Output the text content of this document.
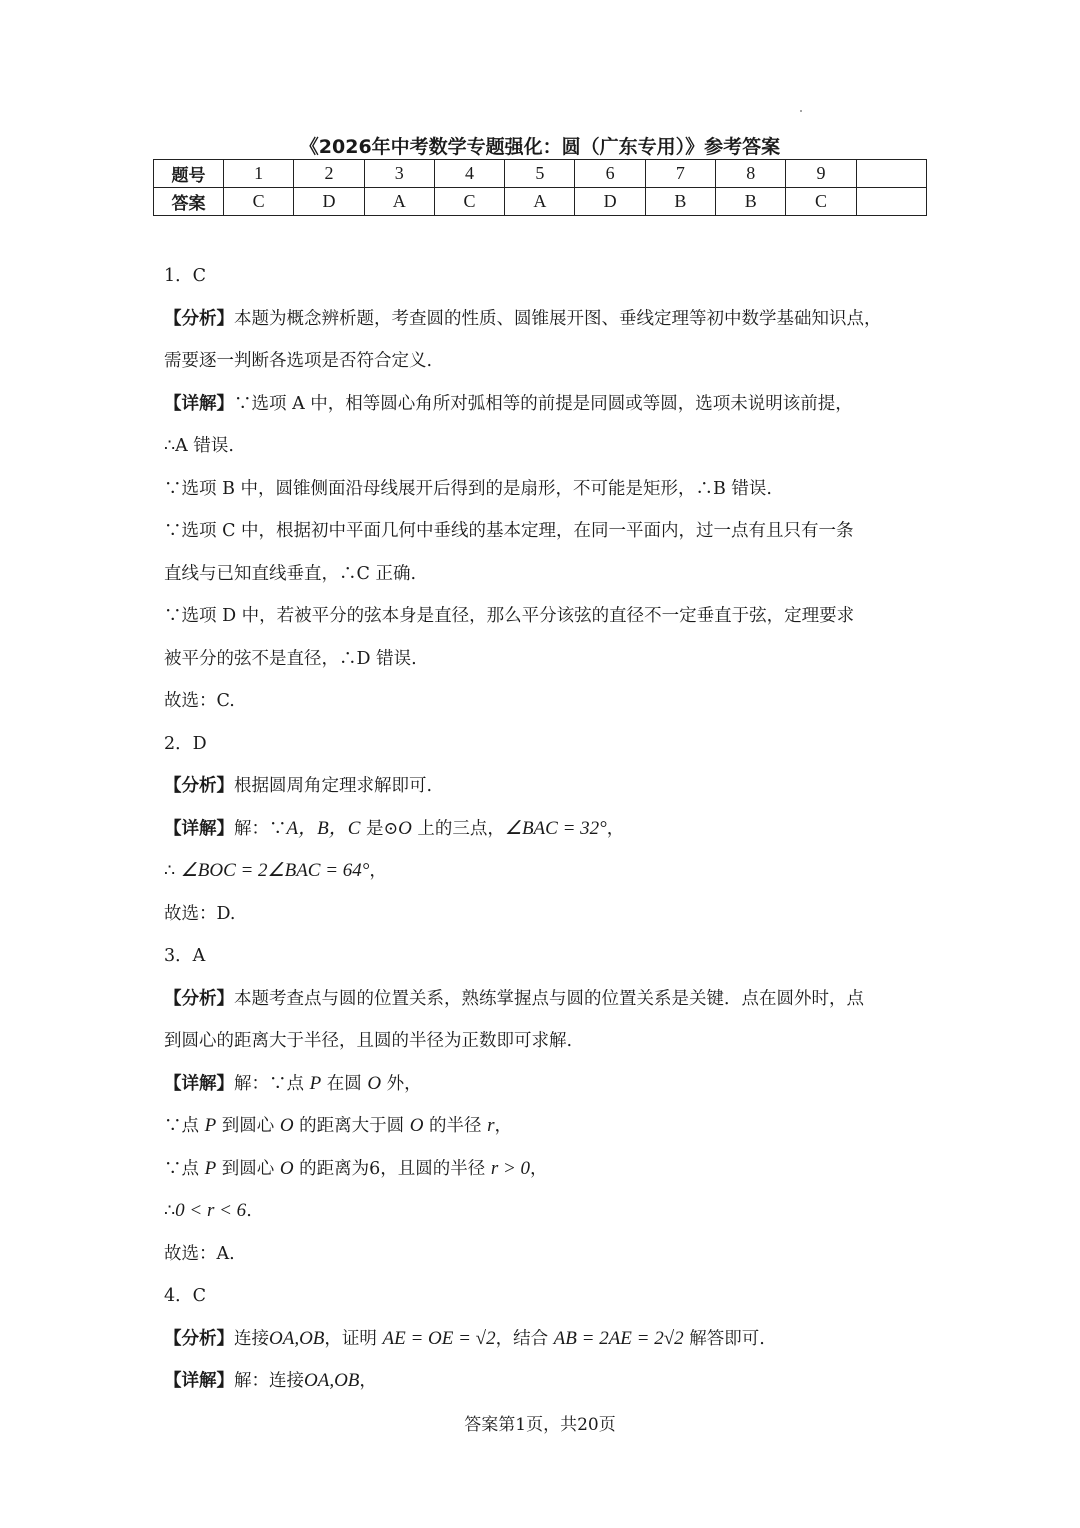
《2026年中考数学专题强化：圆（广东专用）》参考答案
题号	1	2	3	4	5	6	7	8	9	
答案	C	D	A	C	A	D	B	B	C	

1．C

【分析】本题为概念辨析题，考查圆的性质、圆锥展开图、垂线定理等初中数学基础知识点，

需要逐一判断各选项是否符合定义.

【详解】∵选项 A 中，相等圆心角所对弧相等的前提是同圆或等圆，选项未说明该前提，

∴A 错误.

∵选项 B 中，圆锥侧面沿母线展开后得到的是扇形，不可能是矩形，∴B 错误.

∵选项 C 中，根据初中平面几何中垂线的基本定理，在同一平面内，过一点有且只有一条

直线与已知直线垂直，∴C 正确.

∵选项 D 中，若被平分的弦本身是直径，那么平分该弦的直径不一定垂直于弦，定理要求

被平分的弦不是直径，∴D 错误.

故选：C.

2．D

【分析】根据圆周角定理求解即可.

【详解】解：∵A，B，C 是⊙O 上的三点，∠BAC = 32°，

∴ ∠BOC = 2∠BAC = 64°，

故选：D.

3．A

【分析】本题考查点与圆的位置关系，熟练掌握点与圆的位置关系是关键．点在圆外时，点

到圆心的距离大于半径，且圆的半径为正数即可求解.

【详解】解：∵点 P 在圆 O 外，

∵点 P 到圆心 O 的距离大于圆 O 的半径 r，

∵点 P 到圆心 O 的距离为6，且圆的半径 r > 0，

∴0 < r < 6.

故选：A.

4．C

【分析】连接OA,OB，证明 AE = OE = √2，结合 AB = 2AE = 2√2 解答即可.

【详解】解：连接OA,OB，

答案第1页，共20页
